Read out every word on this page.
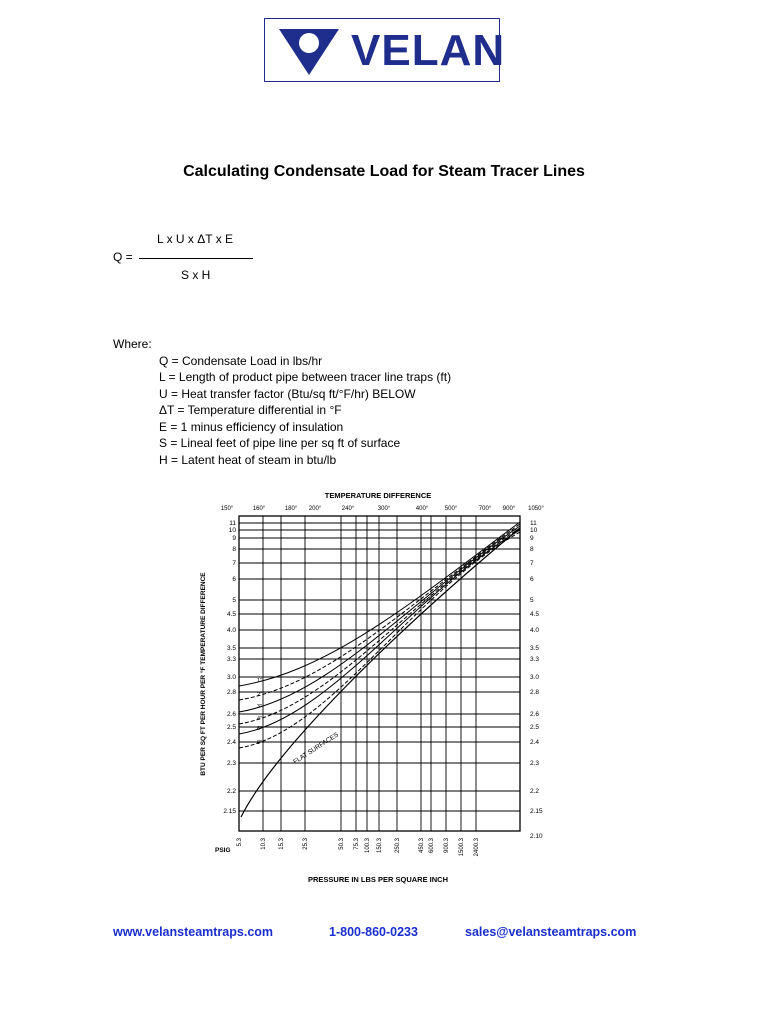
VELAN
Calculating Condensate Load for Steam Tracer Lines
L x U x ΔT x E
Q =
S x H
Where:
Q = Condensate Load in lbs/hr
L = Length of product pipe between tracer line traps (ft)
U = Heat transfer factor (Btu/sq ft/°F/hr) BELOW
ΔT = Temperature differential in °F
E = 1 minus efficiency of insulation
S = Lineal feet of pipe line per sq ft of surface
H = Latent heat of steam in btu/lb
TEMPERATURE DIFFERENCE
150°	160°	180° 200°	240°	300°	400°	500°	700° 900° 1050°
11
10
9
8
7
6
5
4.5
4.0
3.5
3.3
3.0
2.8
2.6
2.5
2.4
2.3
2.2
2.15
11
10
9
8
7
6
5
4.5
4.0
3.5
3.3
3.0
2.8
2.6
2.5
2.4
2.3
2.2
2.15
2.10
5.3	10.3 15.3	25.3	50.3 75.3 100.3 150.3 250.3	450.3 600.3 900.3 1500.3 2400.3
PSIG
PRESSURE IN LBS PER SQUARE INCH
BTU PER SQ FT PER HOUR PER °F TEMPERATURE DIFFERENCE	1"
2"
3"
4"
6"
8"	FLAT SURFACES
www.velansteamtraps.com	1-800-860-0233	sales@velansteamtraps.com
